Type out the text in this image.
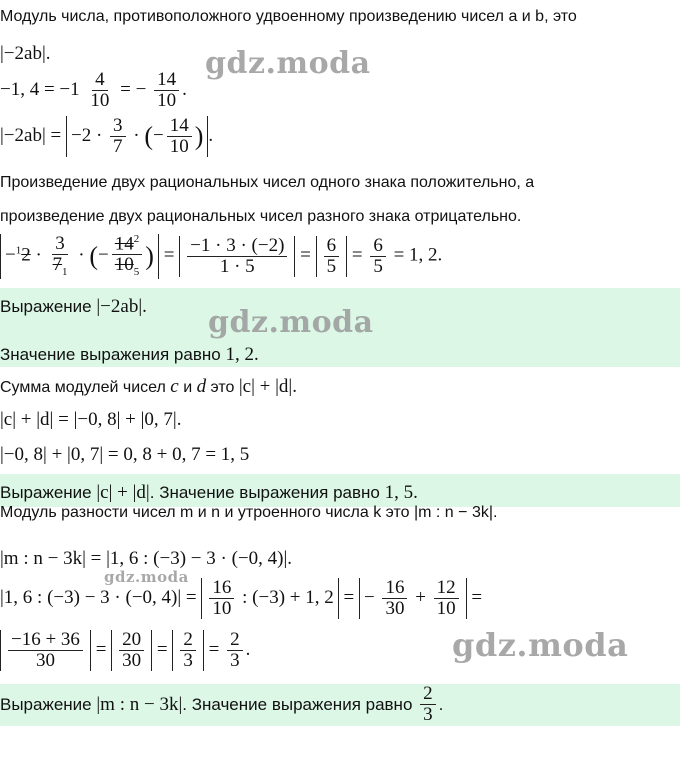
Модуль числа, противоположного удвоенному произведению чисел a и b, это
|−2ab|.
−1, $4 = -1 \frac{4}{10}$ = − $\frac{14}{10}$ .
$|-2ab| = -2 \cdot \frac{3}{7}$ · (− $\frac{14}{10}$ ) .
Произведение двух рациональных чисел одного знака положительно, а
произведение двух рациональных чисел разного знака отрицательно.
$-^12 \cdot \frac{3}{7_1}$ · (− $\frac{14^2}{10_5}$ ) = $\frac{-1 \cdot 3 \cdot (-2)}{1 \cdot 5} = \frac{6}{5} = \frac{6}{5} = 1$, 2.
Выражение |−2ab|.
Значение выражения равно 1, 2.
Сумма модулей чисел c и d это |c| + |d|.
|c| + |d| = |−0, 8| + |0, 7|.
|−0, 8| + |0, 7| = 0, 8 + 0, 7 = 1, 5
Выражение |c| + |d|. Значение выражения равно 1, 5.
Модуль разности чисел m и n и утроенного числа k это |m : n − 3k|.
|m : n − 3k| = |1, 6 : (−3) − 3 · (−0, 4)|.
|1, 6 : (−3) − 3 · (−0, $4)| = \frac{16}{10}$ : (−3) + 1, 2 = − $\frac{16}{30} + \frac{12}{10}$ =
$\frac{-16 + 36}{30} = \frac{20}{30} = \frac{2}{3} = \frac{2}{3}$ .
Выражение |m : n − 3k|. Значение выражения равно $\frac{2}{3}$ .
gdz.moda
gdz.moda
gdz.moda
gdz.moda
